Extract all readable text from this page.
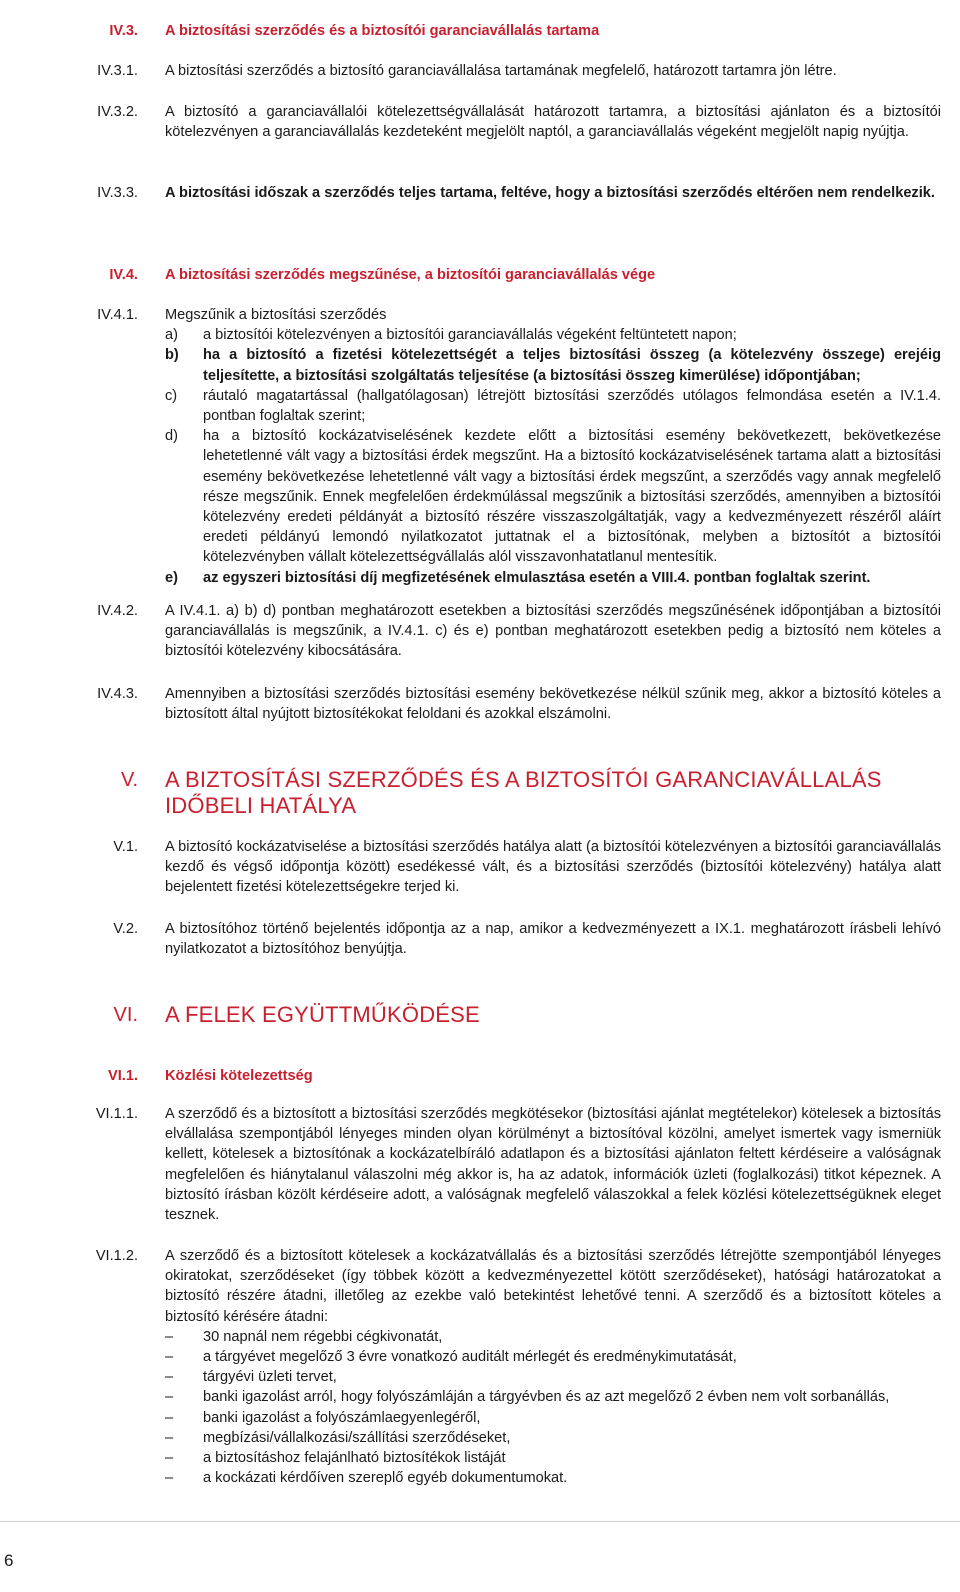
IV.3. A biztosítási szerződés és a biztosítói garanciavállalás tartama
IV.3.1. A biztosítási szerződés a biztosító garanciavállalása tartamának megfelelő, határozott tartamra jön létre.
IV.3.2. A biztosító a garanciavállalói kötelezettségvállalását határozott tartamra, a biztosítási ajánlaton és a biztosítói kötelezvényen a garanciavállalás kezdeteként megjelölt naptól, a garanciavállalás végeként megjelölt napig nyújtja.
IV.3.3. A biztosítási időszak a szerződés teljes tartama, feltéve, hogy a biztosítási szerződés eltérően nem rendelkezik.
IV.4. A biztosítási szerződés megszűnése, a biztosítói garanciavállalás vége
IV.4.1. Megszűnik a biztosítási szerződés

a) a biztosítói kötelezvényen a biztosítói garanciavállalás végeként feltüntetett napon;

b) ha a biztosító a fizetési kötelezettségét a teljes biztosítási összeg (a kötelezvény összege) erejéig teljesítette, a biztosítási szolgáltatás teljesítése (a biztosítási összeg kimerülése) időpontjában;

c) ráutaló magatartással (hallgatólagosan) létrejött biztosítási szerződés utólagos felmondása esetén a IV.1.4. pontban foglaltak szerint;

d) ha a biztosító kockázatviselésének kezdete előtt a biztosítási esemény bekövetkezett, bekövetkezése lehetetlenné vált vagy a biztosítási érdek megszűnt. Ha a biztosító kockázatviselésének tartama alatt a biztosítási esemény bekövetkezése lehetetlenné vált vagy a biztosítási érdek megszűnt, a szerződés vagy annak megfelelő része megszűnik. Ennek megfelelően érdekmúlással megszűnik a biztosítási szerződés, amennyiben a biztosítói kötelezvény eredeti példányát a biztosító részére visszaszolgáltatják, vagy a kedvezményezett részéről aláírt eredeti példányú lemondó nyilatkozatot juttatnak el a biztosítónak, melyben a biztosítót a biztosítói kötelezvényben vállalt kötelezettségvállalás alól visszavonhatatlanul mentesítik.

e) az egyszeri biztosítási díj megfizetésének elmulasztása esetén a VIII.4. pontban foglaltak szerint.

IV.4.2. A IV.4.1. a) b) d) pontban meghatározott esetekben a biztosítási szerződés megszűnésének időpontjában a biztosítói garanciavállalás is megszűnik, a IV.4.1. c) és e) pontban meghatározott esetekben pedig a biztosító nem köteles a biztosítói kötelezvény kibocsátására.
IV.4.3. Amennyiben a biztosítási szerződés biztosítási esemény bekövetkezése nélkül szűnik meg, akkor a biztosító köteles a biztosított által nyújtott biztosítékokat feloldani és azokkal elszámolni.
V. A BIZTOSÍTÁSI SZERZŐDÉS ÉS A BIZTOSÍTÓI GARANCIAVÁLLALÁS
IDŐBELI HATÁLYA
V.1. A biztosító kockázatviselése a biztosítási szerződés hatálya alatt (a biztosítói kötelezvényen a biztosítói garanciavállalás kezdő és végső időpontja között) esedékessé vált, és a biztosítási szerződés (biztosítói kötelezvény) hatálya alatt bejelentett fizetési kötelezettségekre terjed ki.
V.2. A biztosítóhoz történő bejelentés időpontja az a nap, amikor a kedvezményezett a IX.1. meghatározott írásbeli lehívó nyilatkozatot a biztosítóhoz benyújtja.
VI. A FELEK EGYÜTTMŰKÖDÉSE
VI.1. Közlési kötelezettség
VI.1.1. A szerződő és a biztosított a biztosítási szerződés megkötésekor (biztosítási ajánlat megtételekor) kötelesek a biztosítás elvállalása szempontjából lényeges minden olyan körülményt a biztosítóval közölni, amelyet ismertek vagy ismerniük kellett, kötelesek a biztosítónak a kockázatelbíráló adatlapon és a biztosítási ajánlaton feltett kérdéseire a valóságnak megfelelően és hiánytalanul válaszolni még akkor is, ha az adatok, információk üzleti (foglalkozási) titkot képeznek. A biztosító írásban közölt kérdéseire adott, a valóságnak megfelelő válaszokkal a felek közlési kötelezettségüknek eleget tesznek.
VI.1.2. A szerződő és a biztosított kötelesek a kockázatvállalás és a biztosítási szerződés létrejötte szempontjából lényeges okiratokat, szerződéseket (így többek között a kedvezményezettel kötött szerződéseket), hatósági határozatokat a biztosító részére átadni, illetőleg az ezekbe való betekintést lehetővé tenni. A szerződő és a biztosított köteles a biztosító kérésére átadni:

– 30 napnál nem régebbi cégkivonatát,

– a tárgyévet megelőző 3 évre vonatkozó auditált mérlegét és eredménykimutatását,

– tárgyévi üzleti tervet,

– banki igazolást arról, hogy folyószámláján a tárgyévben és az azt megelőző 2 évben nem volt sorbanállás,

– banki igazolást a folyószámlaegyenlegéről,

– megbízási/vállalkozási/szállítási szerződéseket,

– a biztosításhoz felajánlható biztosítékok listáját

– a kockázati kérdőíven szereplő egyéb dokumentumokat.

6
